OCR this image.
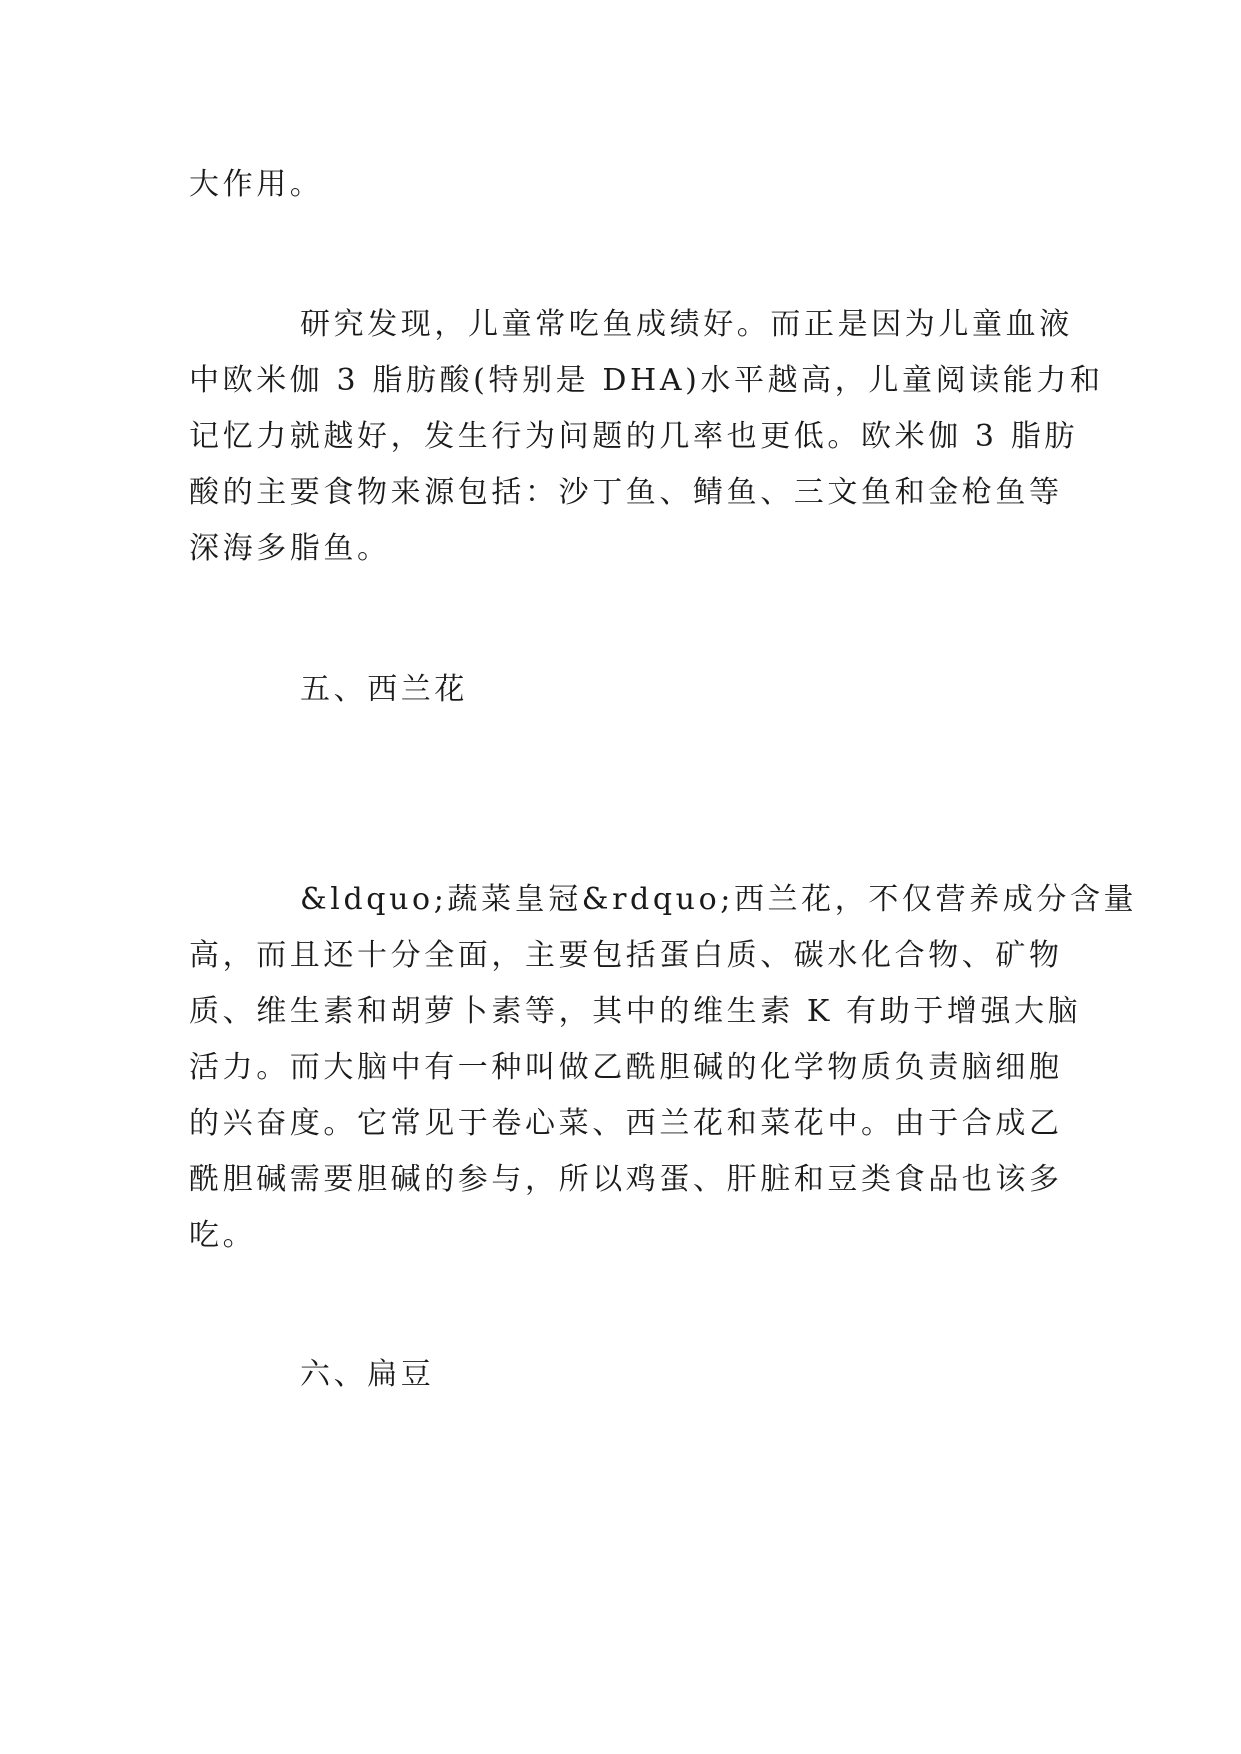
大作用。
研究发现，儿童常吃鱼成绩好。而正是因为儿童血液
中欧米伽 3 脂肪酸(特别是 DHA)水平越高，儿童阅读能力和
记忆力就越好，发生行为问题的几率也更低。欧米伽 3 脂肪
酸的主要食物来源包括：沙丁鱼、鲭鱼、三文鱼和金枪鱼等
深海多脂鱼。
五、西兰花
&ldquo;蔬菜皇冠&rdquo;西兰花，不仅营养成分含量
高，而且还十分全面，主要包括蛋白质、碳水化合物、矿物
质、维生素和胡萝卜素等，其中的维生素 K 有助于增强大脑
活力。而大脑中有一种叫做乙酰胆碱的化学物质负责脑细胞
的兴奋度。它常见于卷心菜、西兰花和菜花中。由于合成乙
酰胆碱需要胆碱的参与，所以鸡蛋、肝脏和豆类食品也该多
吃。
六、扁豆
